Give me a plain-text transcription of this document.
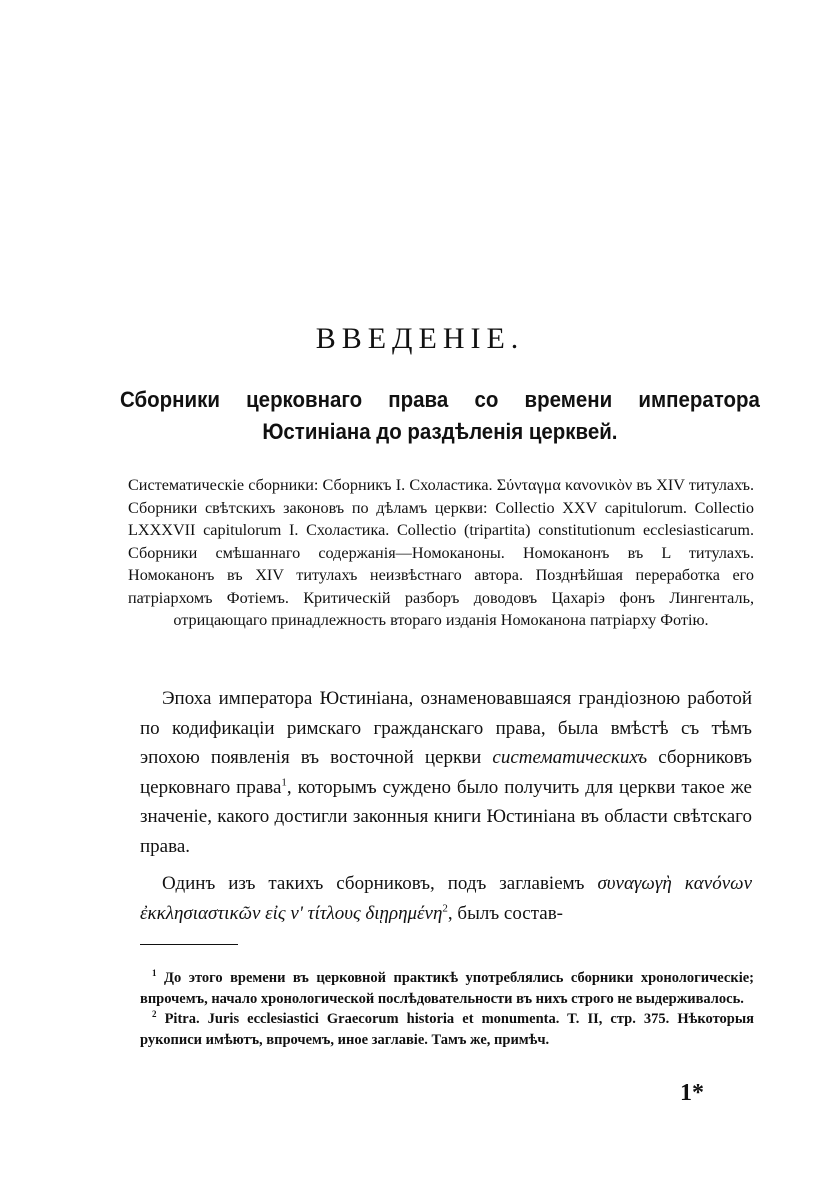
ВВЕДЕНІЕ.
Сборники церковнаго права со времени императора Юстиніана до раздѣленія церквей.

Систематическіе сборники: Сборникъ I. Схоластика. Σύνταγμα κανονικὸν въ XIV титулахъ. Сборники свѣтскихъ законовъ по дѣламъ церкви: Collectio XXV capitulorum. Collectio LXXXVII capitulorum I. Схоластика. Collectio (tripartita) constitutionum ecclesiasticarum. Сборники смѣшаннаго содержанія—Номоканоны. Номоканонъ въ L титулахъ. Номоканонъ въ XIV титулахъ неизвѣстнаго автора. Позднѣйшая переработка его патріархомъ Фотіемъ. Критическій разборъ доводовъ Цахаріэ фонъ Лингенталь, отрицающаго принадлежность втораго изданія Номоканона патріарху Фотію.

Эпоха императора Юстиніана, ознаменовавшаяся грандіозною работой по кодификаціи римскаго гражданскаго права, была вмѣстѣ съ тѣмъ эпохою появленія въ восточной церкви систематическихъ сборниковъ церковнаго права$^1$, которымъ суждено было получить для церкви такое же значеніе, какого достигли законныя книги Юстиніана въ области свѣтскаго права.

Одинъ изъ такихъ сборниковъ, подъ заглавіемъ συναγωγὴ κανόνων ἐκκλησιαστικῶν εἰς ν' τίτλους διῃρημένη$^2$, былъ состав-

$^1$ До этого времени въ церковной практикѣ употреблялись сборники хронологическіе; впрочемъ, начало хронологической послѣдовательности въ нихъ строго не выдерживалось.

$^2$ Pitra. Juris ecclesiastici Graecorum historia et monumenta. T. II, стр. 375. Нѣкоторыя рукописи имѣютъ, впрочемъ, иное заглавіе. Тамъ же, примѣч.

1*
